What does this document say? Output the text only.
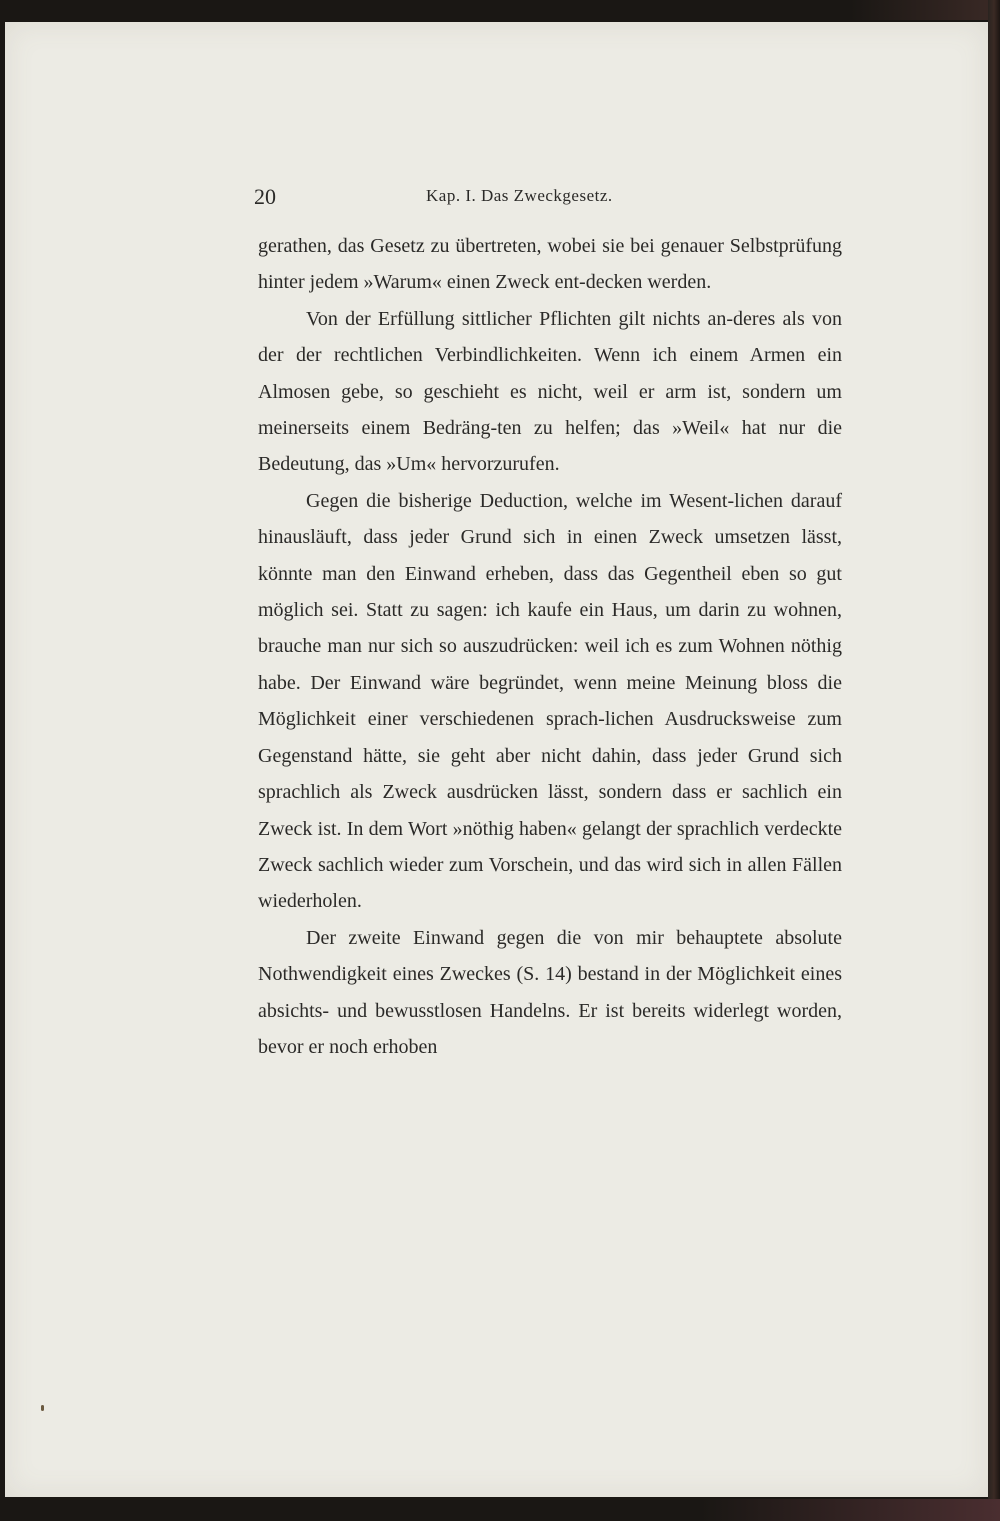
20	Kap. I. Das Zweckgesetz.

gerathen, das Gesetz zu übertreten, wobei sie bei genauer Selbstprüfung hinter jedem »Warum« einen Zweck ent-decken werden.

Von der Erfüllung sittlicher Pflichten gilt nichts an-deres als von der der rechtlichen Verbindlichkeiten. Wenn ich einem Armen ein Almosen gebe, so geschieht es nicht, weil er arm ist, sondern um meinerseits einem Bedräng-ten zu helfen; das »Weil« hat nur die Bedeutung, das »Um« hervorzurufen.

Gegen die bisherige Deduction, welche im Wesent-lichen darauf hinausläuft, dass jeder Grund sich in einen Zweck umsetzen lässt, könnte man den Einwand erheben, dass das Gegentheil eben so gut möglich sei. Statt zu sagen: ich kaufe ein Haus, um darin zu wohnen, brauche man nur sich so auszudrücken: weil ich es zum Wohnen nöthig habe. Der Einwand wäre begründet, wenn meine Meinung bloss die Möglichkeit einer verschiedenen sprach-lichen Ausdrucksweise zum Gegenstand hätte, sie geht aber nicht dahin, dass jeder Grund sich sprachlich als Zweck ausdrücken lässt, sondern dass er sachlich ein Zweck ist. In dem Wort »nöthig haben« gelangt der sprachlich verdeckte Zweck sachlich wieder zum Vorschein, und das wird sich in allen Fällen wiederholen.

Der zweite Einwand gegen die von mir behauptete absolute Nothwendigkeit eines Zweckes (S. 14) bestand in der Möglichkeit eines absichts- und bewusstlosen Handelns. Er ist bereits widerlegt worden, bevor er noch erhoben
